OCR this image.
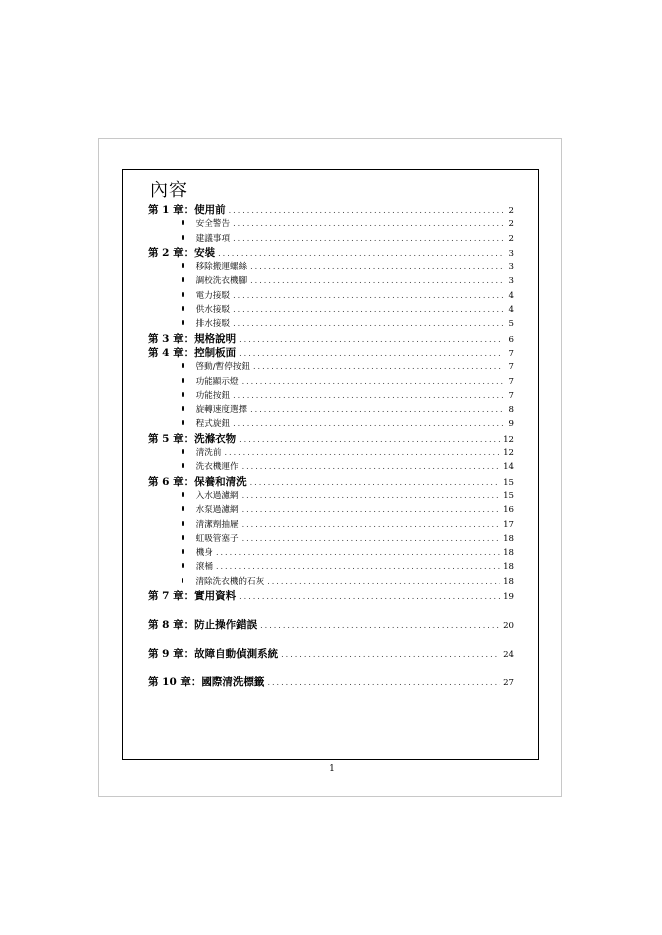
內容
第 1 章：使用前 .....	2
安全警告 .....	2
建議事項 .....	2
第 2 章：安裝 .....	3
移除搬運螺絲 .....	3
調校洗衣機腳 .....	3
電力接駁 .....	4
供水接駁 .....	4
排水接駁 .....	5
第 3 章：規格說明 .....	6
第 4 章：控制板面 .....	7
啓動/暫停按鈕 .....	7
功能顯示燈 .....	7
功能按鈕 .....	7
旋轉速度選擇 .....	8
程式旋鈕 .....	9
第 5 章：洗滌衣物 .....	12
清洗前 .....	12
洗衣機運作 .....	14
第 6 章：保養和清洗 .....	15
入水過濾網 .....	15
水泵過濾網 .....	16
清潔劑抽屜 .....	17
虹吸管塞子 .....	18
機身 .....	18
滾桶 .....	18
清除洗衣機的石灰 .....	18
第 7 章：實用資料 .....	19
第 8 章：防止操作錯誤 .....	20
第 9 章：故障自動偵測系統 .....	24
第 10 章：國際清洗標籤 .....	27
1
